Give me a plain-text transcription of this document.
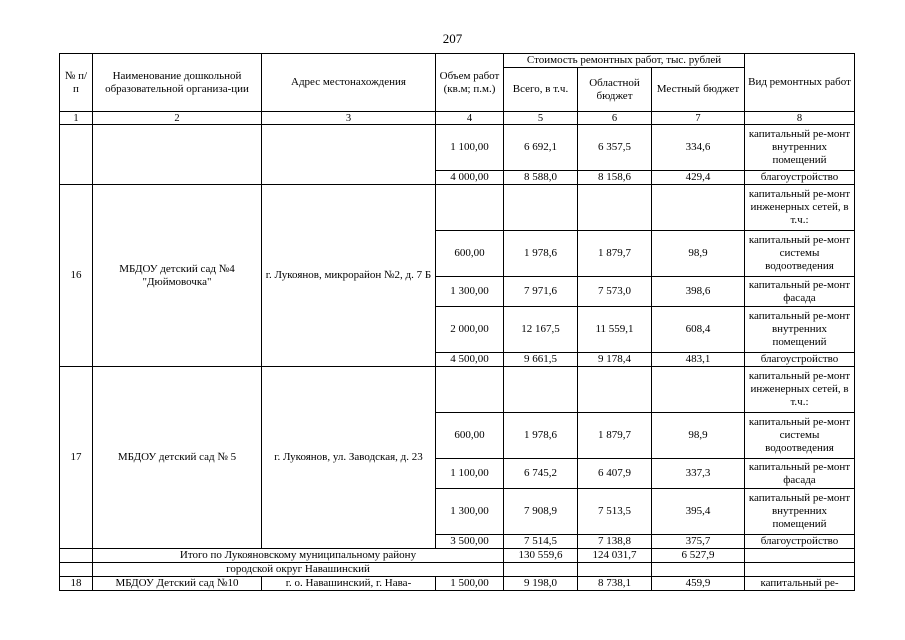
207
№ п/п	Наименование дошкольной образовательной организа-ции	Адрес местонахождения	Объем работ (кв.м; п.м.)	Стоимость ремонтных работ, тыс. рублей			Вид ремонтных работ
				Всего, в т.ч.	Областной бюджет	Местный бюджет	
1	2	3	4	5	6	7	8
			1 100,00	6 692,1	6 357,5	334,6	капитальный ре-монт внутренних помещений
			4 000,00	8 588,0	8 158,6	429,4	благоустройство
16	МБДОУ детский сад №4 "Дюймовочка"	г. Лукоянов, микрорайон №2, д. 7 Б					капитальный ре-монт инженерных сетей, в т.ч.:
			600,00	1 978,6	1 879,7	98,9	капитальный ре-монт системы водоотведения
			1 300,00	7 971,6	7 573,0	398,6	капитальный ре-монт фасада
			2 000,00	12 167,5	11 559,1	608,4	капитальный ре-монт внутренних помещений
			4 500,00	9 661,5	9 178,4	483,1	благоустройство
17	МБДОУ детский сад № 5	г. Лукоянов, ул. Заводская, д. 23					капитальный ре-монт инженерных сетей, в т.ч.:
			600,00	1 978,6	1 879,7	98,9	капитальный ре-монт системы водоотведения
			1 100,00	6 745,2	6 407,9	337,3	капитальный ре-монт фасада
			1 300,00	7 908,9	7 513,5	395,4	капитальный ре-монт внутренних помещений
			3 500,00	7 514,5	7 138,8	375,7	благоустройство
	Итого по Лукояновскому муниципальному району			130 559,6	124 031,7	6 527,9	
	городской округ Навашинский						
18	МБДОУ Детский сад №10	г. о. Навашинский, г. Нава-	1 500,00	9 198,0	8 738,1	459,9	капитальный ре-
